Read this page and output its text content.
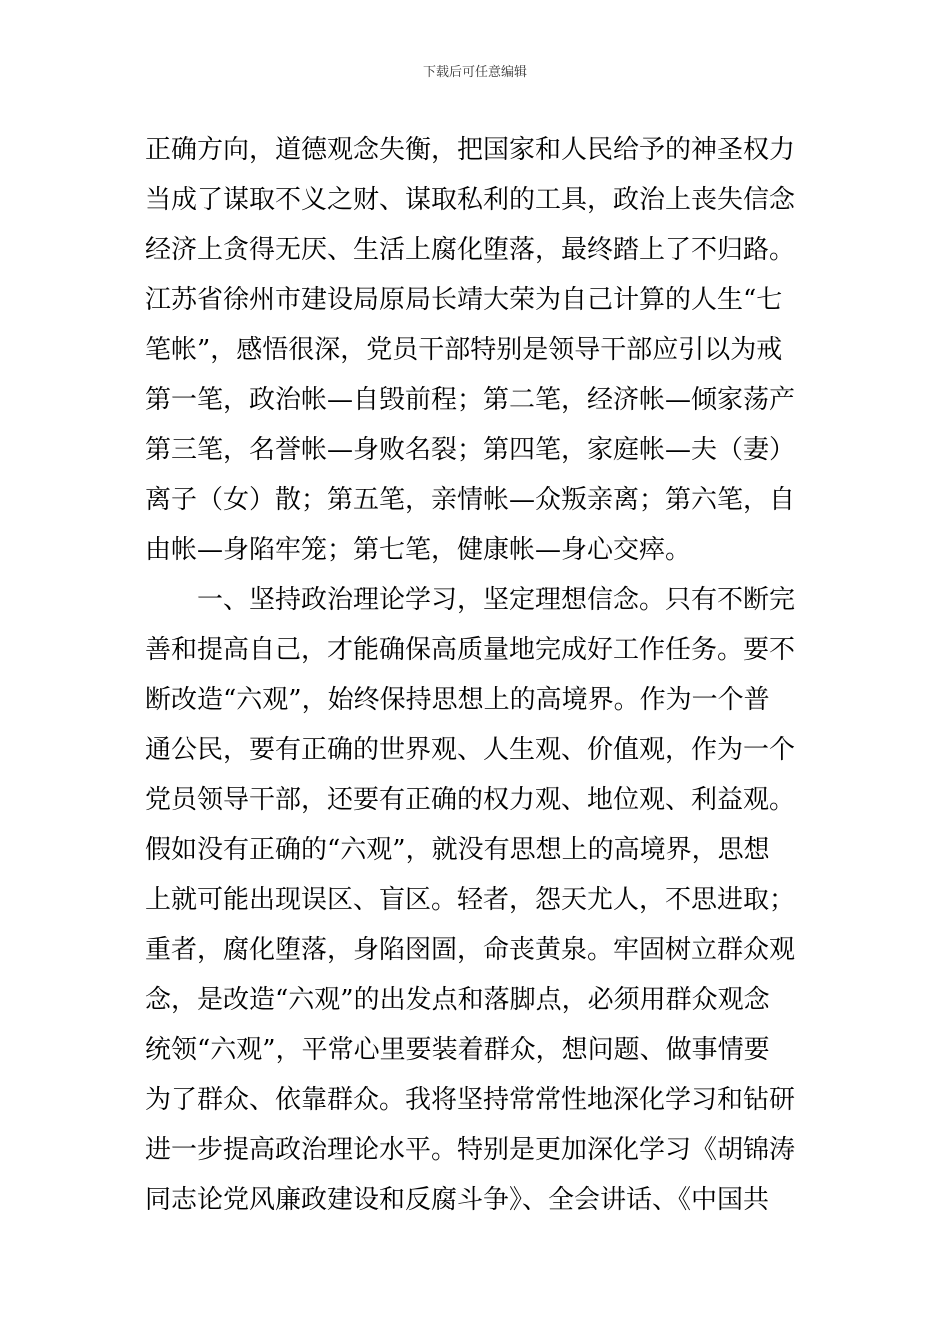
下载后可任意编辑
正确方向，道德观念失衡，把国家和人民给予的神圣权力
当成了谋取不义之财、谋取私利的工具，政治上丧失信念
经济上贪得无厌、生活上腐化堕落，最终踏上了不归路。
江苏省徐州市建设局原局长靖大荣为自己计算的人生“七
笔帐”，感悟很深，党员干部特别是领导干部应引以为戒
第一笔，政治帐—自毁前程；第二笔，经济帐—倾家荡产
第三笔，名誉帐—身败名裂；第四笔，家庭帐—夫（妻）
离子（女）散；第五笔，亲情帐—众叛亲离；第六笔，自
由帐—身陷牢笼；第七笔，健康帐—身心交瘁。
　　一、坚持政治理论学习，坚定理想信念。只有不断完
善和提高自己，才能确保高质量地完成好工作任务。要不
断改造“六观”，始终保持思想上的高境界。作为一个普
通公民，要有正确的世界观、人生观、价值观，作为一个
党员领导干部，还要有正确的权力观、地位观、利益观。
假如没有正确的“六观”，就没有思想上的高境界，思想
上就可能出现误区、盲区。轻者，怨天尤人，不思进取；
重者，腐化堕落，身陷囹圄，命丧黄泉。牢固树立群众观
念，是改造“六观”的出发点和落脚点，必须用群众观念
统领“六观”，平常心里要装着群众，想问题、做事情要
为了群众、依靠群众。我将坚持常常性地深化学习和钻研
进一步提高政治理论水平。特别是更加深化学习《胡锦涛
同志论党风廉政建设和反腐斗争》、全会讲话、《中国共
